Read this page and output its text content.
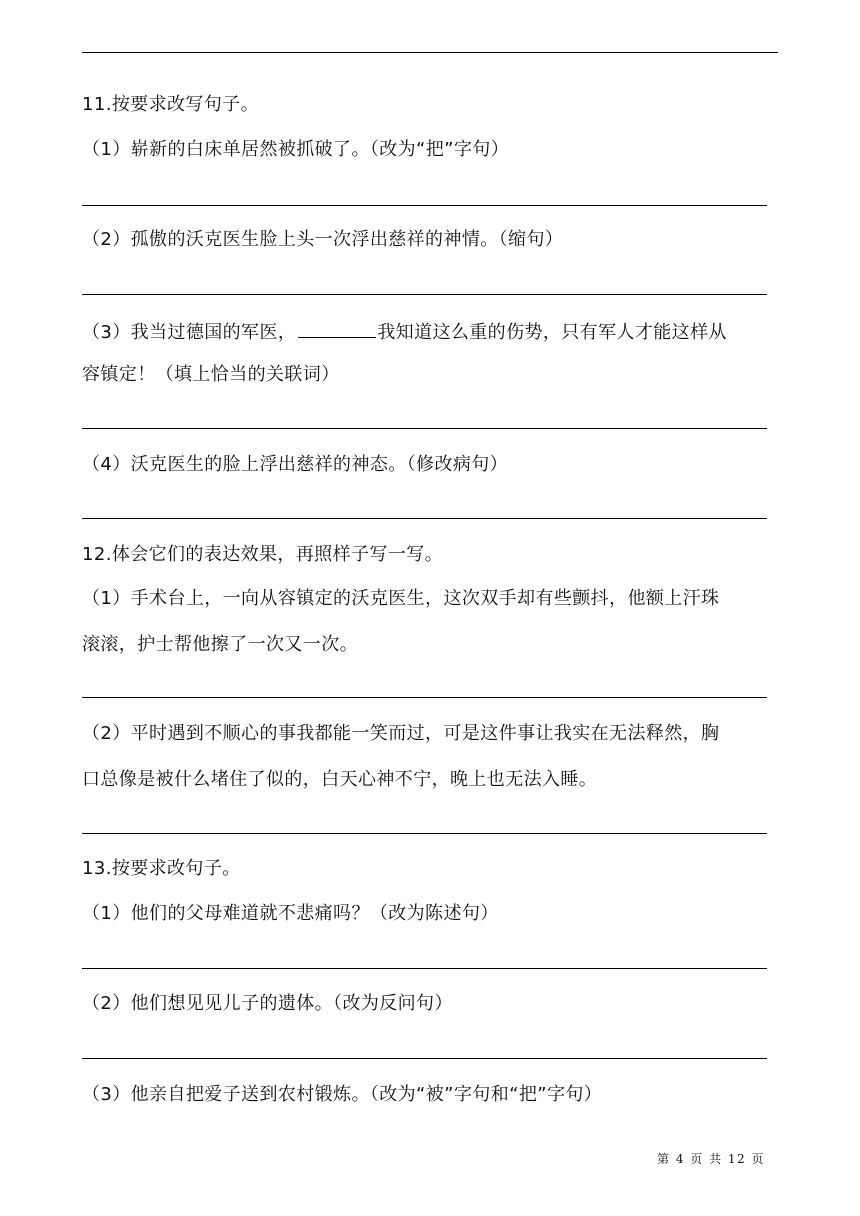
11.按要求改写句子。
（1）崭新的白床单居然被抓破了。（改为“把”字句）
（2）孤傲的沃克医生脸上头一次浮出慈祥的神情。（缩句）
（3）我当过德国的军医，	我知道这么重的伤势，只有军人才能这样从
容镇定！（填上恰当的关联词）
（4）沃克医生的脸上浮出慈祥的神态。（修改病句）
12.体会它们的表达效果，再照样子写一写。
（1）手术台上，一向从容镇定的沃克医生，这次双手却有些颤抖，他额上汗珠
滚滚，护士帮他擦了一次又一次。
（2）平时遇到不顺心的事我都能一笑而过，可是这件事让我实在无法释然，胸
口总像是被什么堵住了似的，白天心神不宁，晚上也无法入睡。
13.按要求改句子。
（1）他们的父母难道就不悲痛吗？（改为陈述句）
（2）他们想见见儿子的遗体。（改为反问句）
（3）他亲自把爱子送到农村锻炼。（改为“被”字句和“把”字句）
第 4 页 共 12 页
